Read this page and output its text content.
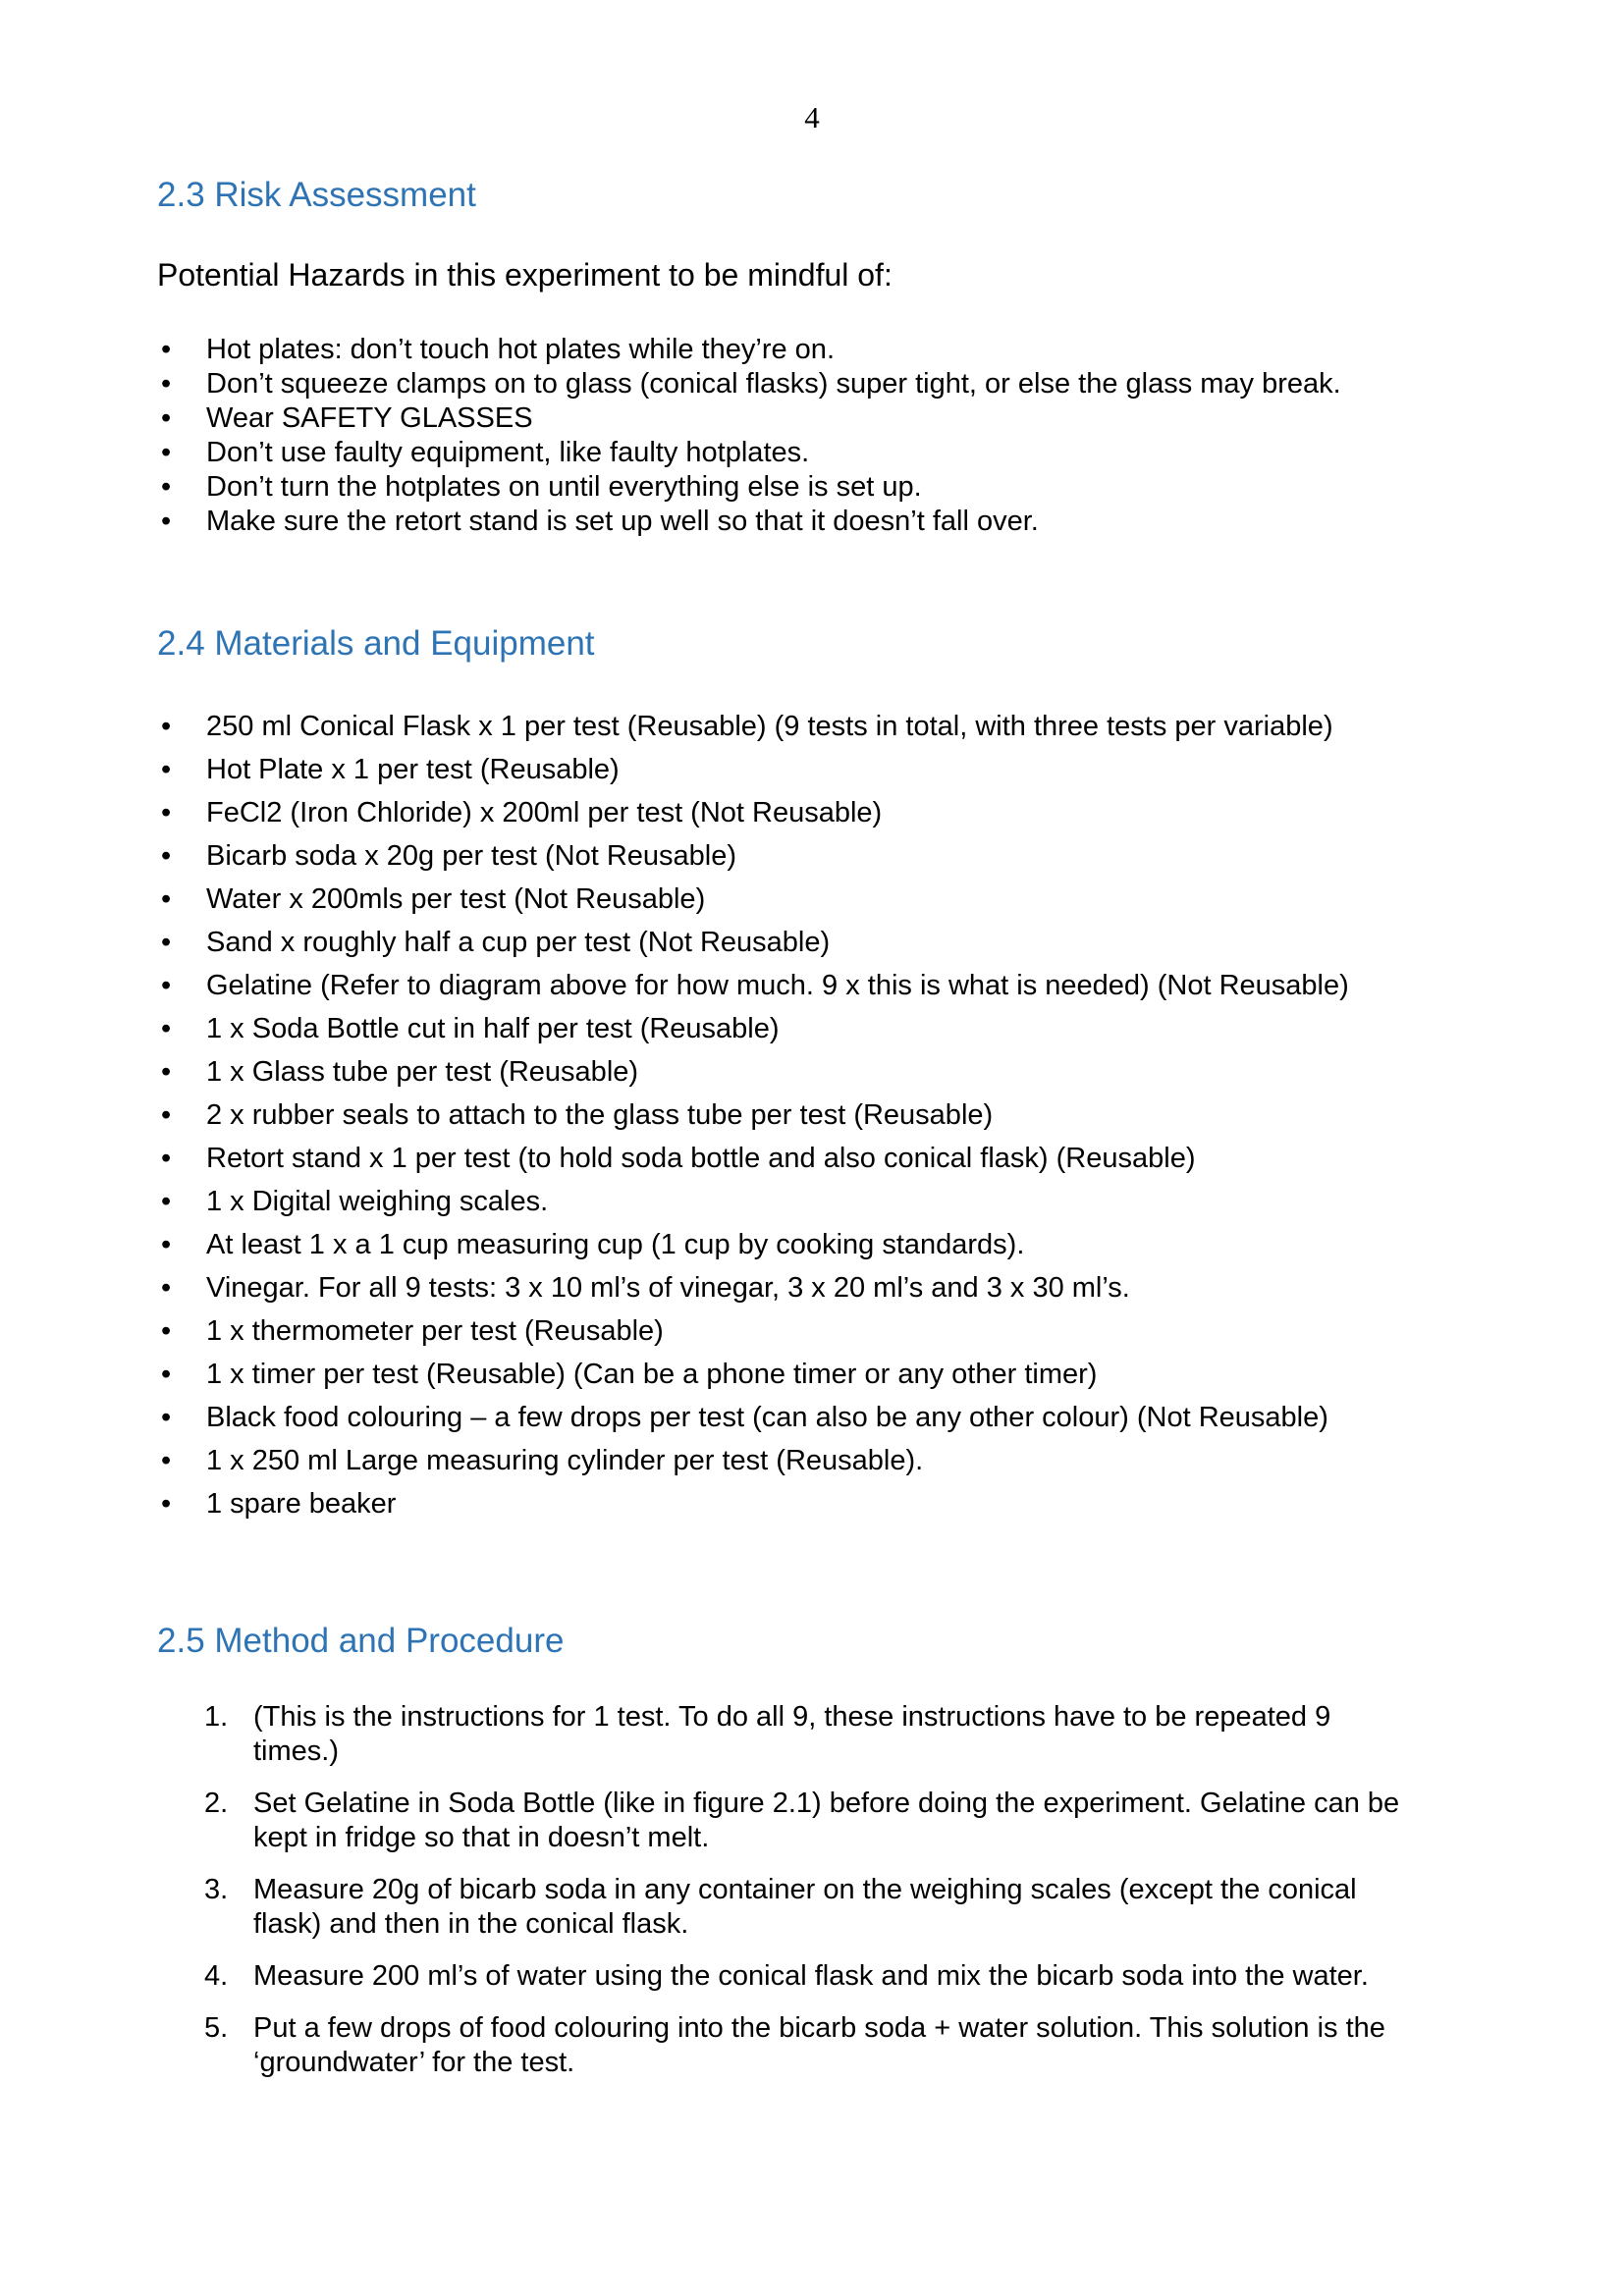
4
2.3 Risk Assessment

Potential Hazards in this experiment to be mindful of:

• Hot plates: don’t touch hot plates while they’re on.
• Don’t squeeze clamps on to glass (conical flasks) super tight, or else the glass may break.
• Wear SAFETY GLASSES
• Don’t use faulty equipment, like faulty hotplates.
• Don’t turn the hotplates on until everything else is set up.
• Make sure the retort stand is set up well so that it doesn’t fall over.
2.4 Materials and Equipment
• 250 ml Conical Flask x 1 per test (Reusable) (9 tests in total, with three tests per variable)
• Hot Plate x 1 per test (Reusable)
• FeCl2 (Iron Chloride) x 200ml per test (Not Reusable)
• Bicarb soda x 20g per test (Not Reusable)
• Water x 200mls per test (Not Reusable)
• Sand x roughly half a cup per test (Not Reusable)
• Gelatine (Refer to diagram above for how much. 9 x this is what is needed) (Not Reusable)
• 1 x Soda Bottle cut in half per test (Reusable)
• 1 x Glass tube per test (Reusable)
• 2 x rubber seals to attach to the glass tube per test (Reusable)
• Retort stand x 1 per test (to hold soda bottle and also conical flask) (Reusable)
• 1 x Digital weighing scales.
• At least 1 x a 1 cup measuring cup (1 cup by cooking standards).
• Vinegar. For all 9 tests: 3 x 10 ml’s of vinegar, 3 x 20 ml’s and 3 x 30 ml’s.
• 1 x thermometer per test (Reusable)
• 1 x timer per test (Reusable) (Can be a phone timer or any other timer)
• Black food colouring – a few drops per test (can also be any other colour) (Not Reusable)
• 1 x 250 ml Large measuring cylinder per test (Reusable).
• 1 spare beaker
2.5 Method and Procedure
1. (This is the instructions for 1 test. To do all 9, these instructions have to be repeated 9 times.)
2. Set Gelatine in Soda Bottle (like in figure 2.1) before doing the experiment. Gelatine can be kept in fridge so that in doesn’t melt.
3. Measure 20g of bicarb soda in any container on the weighing scales (except the conical flask) and then in the conical flask.
4. Measure 200 ml’s of water using the conical flask and mix the bicarb soda into the water.
5. Put a few drops of food colouring into the bicarb soda + water solution. This solution is the ‘groundwater’ for the test.
